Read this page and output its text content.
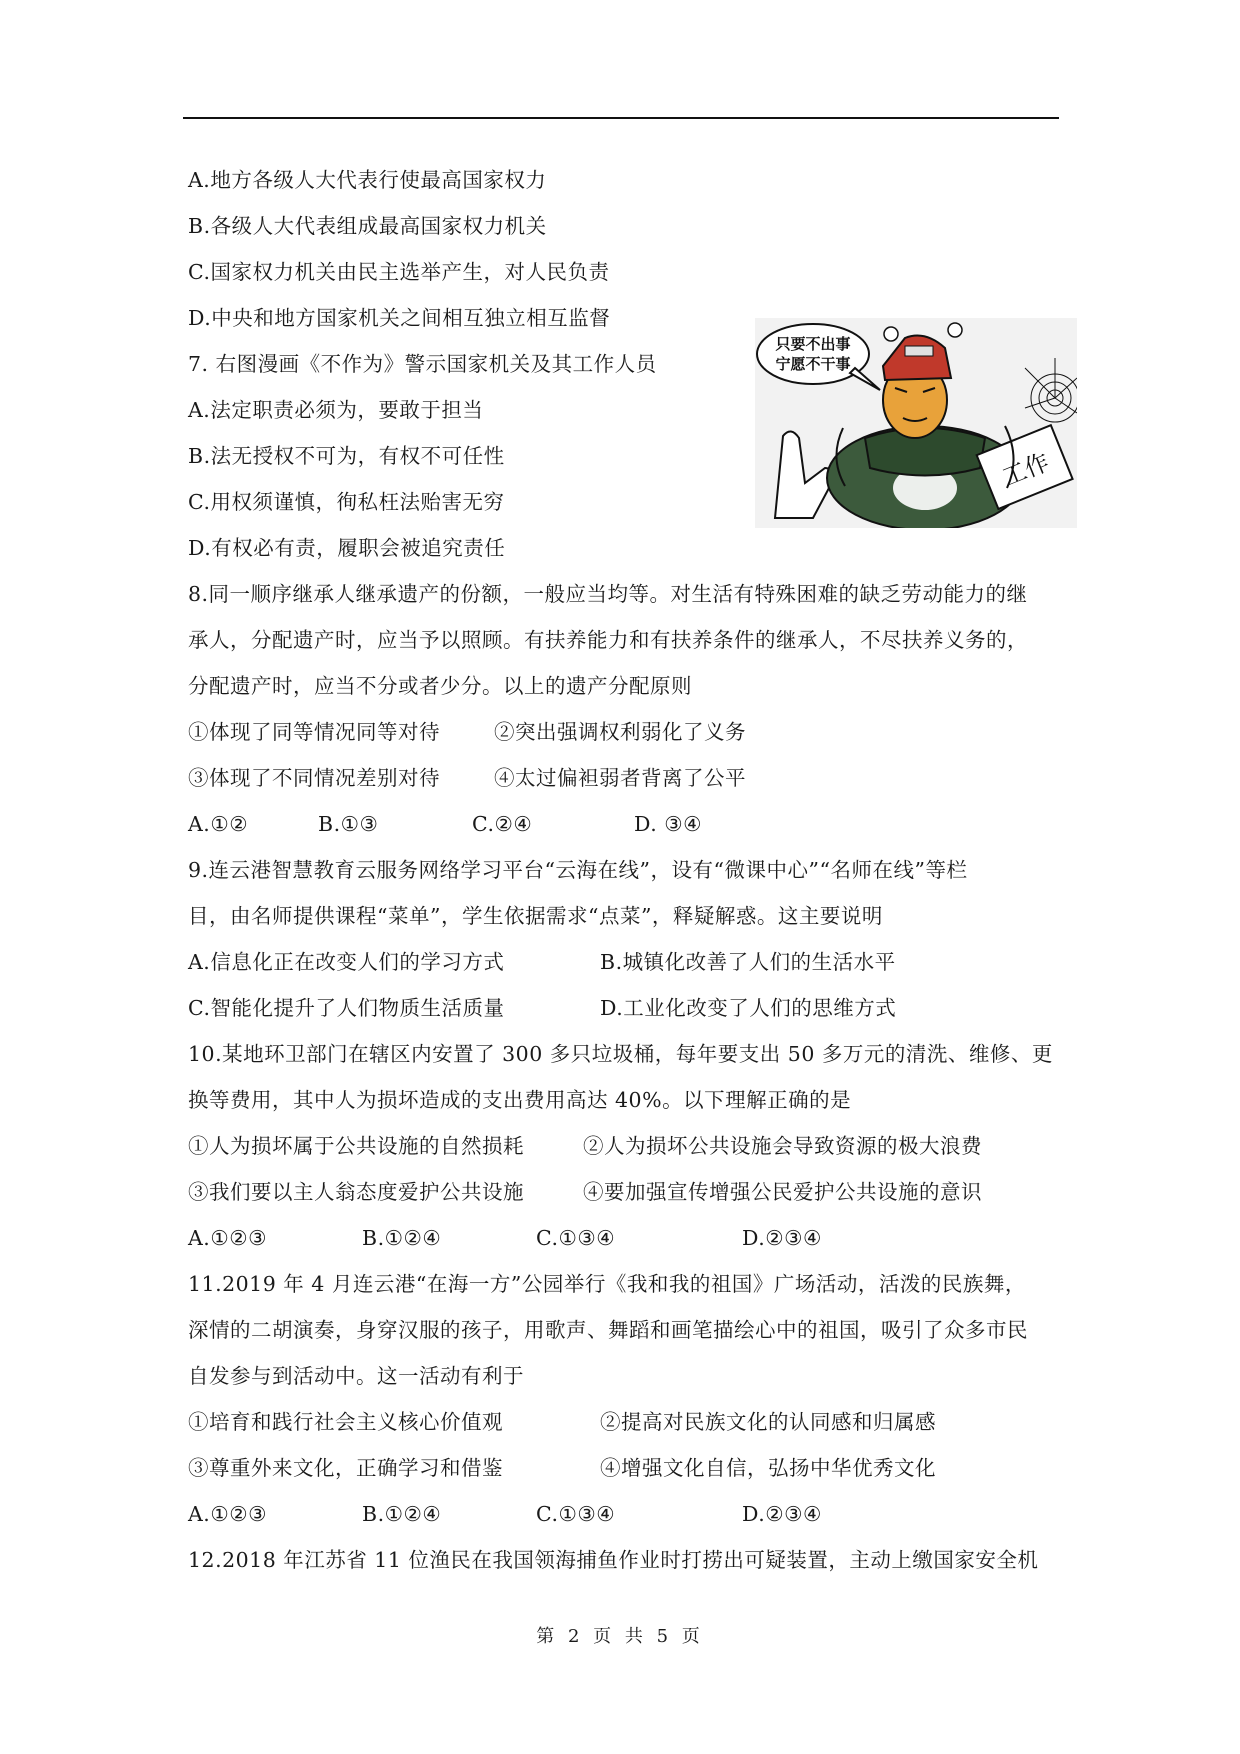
A.地方各级人大代表行使最高国家权力
B.各级人大代表组成最高国家权力机关
C.国家权力机关由民主选举产生，对人民负责
D.中央和地方国家机关之间相互独立相互监督
7. 右图漫画《不作为》警示国家机关及其工作人员
A.法定职责必须为，要敢于担当
B.法无授权不可为，有权不可任性
C.用权须谨慎，徇私枉法贻害无穷
D.有权必有责，履职会被追究责任
只要不出事
宁愿不干事
工作
8.同一顺序继承人继承遗产的份额，一般应当均等。对生活有特殊困难的缺乏劳动能力的继
承人，分配遗产时，应当予以照顾。有扶养能力和有扶养条件的继承人，不尽扶养义务的，
分配遗产时，应当不分或者少分。以上的遗产分配原则
①体现了同等情况同等对待	②突出强调权利弱化了义务
③体现了不同情况差别对待	④太过偏袒弱者背离了公平
A.①②	B.①③	C.②④	D. ③④
9.连云港智慧教育云服务网络学习平台“云海在线”，设有“微课中心”“名师在线”等栏
目，由名师提供课程“菜单”，学生依据需求“点菜”，释疑解惑。这主要说明
A.信息化正在改变人们的学习方式	B.城镇化改善了人们的生活水平
C.智能化提升了人们物质生活质量	D.工业化改变了人们的思维方式
10.某地环卫部门在辖区内安置了 300 多只垃圾桶，每年要支出 50 多万元的清洗、维修、更
换等费用，其中人为损坏造成的支出费用高达 40%。以下理解正确的是
①人为损坏属于公共设施的自然损耗	②人为损坏公共设施会导致资源的极大浪费
③我们要以主人翁态度爱护公共设施	④要加强宣传增强公民爱护公共设施的意识
A.①②③	B.①②④	C.①③④	D.②③④
11.2019 年 4 月连云港“在海一方”公园举行《我和我的祖国》广场活动，活泼的民族舞，
深情的二胡演奏，身穿汉服的孩子，用歌声、舞蹈和画笔描绘心中的祖国，吸引了众多市民
自发参与到活动中。这一活动有利于
①培育和践行社会主义核心价值观	②提高对民族文化的认同感和归属感
③尊重外来文化，正确学习和借鉴	④增强文化自信，弘扬中华优秀文化
A.①②③	B.①②④	C.①③④	D.②③④
12.2018 年江苏省 11 位渔民在我国领海捕鱼作业时打捞出可疑装置，主动上缴国家安全机
第 2 页 共 5 页
